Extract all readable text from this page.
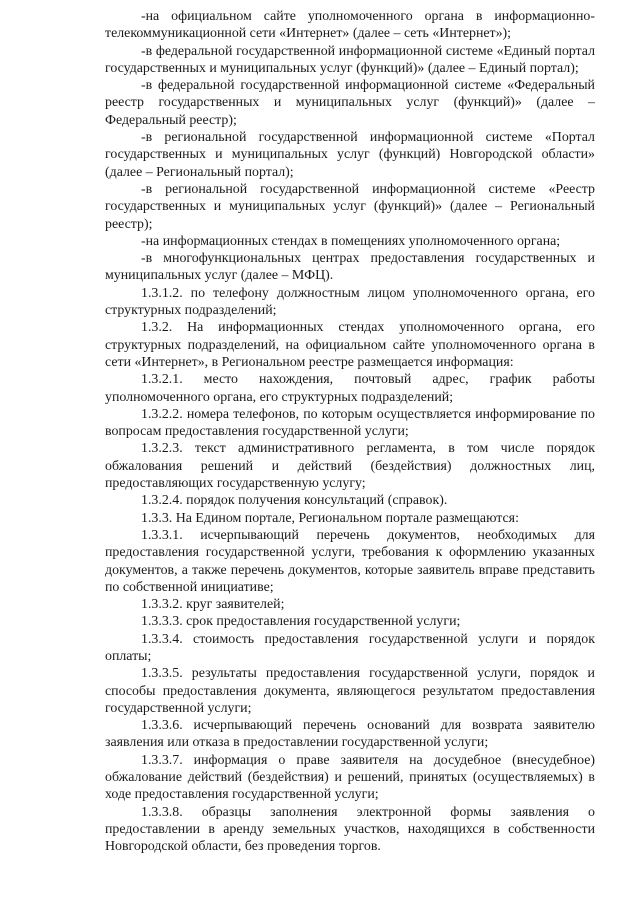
-на официальном сайте уполномоченного органа в информационно-телекоммуникационной сети «Интернет» (далее – сеть «Интернет»);

-в федеральной государственной информационной системе «Единый портал государственных и муниципальных услуг (функций)» (далее – Единый портал);

-в федеральной государственной информационной системе «Федеральный реестр государственных и муниципальных услуг (функций)» (далее – Федеральный реестр);

-в региональной государственной информационной системе «Портал государственных и муниципальных услуг (функций) Новгородской области» (далее – Региональный портал);

-в региональной государственной информационной системе «Реестр государственных и муниципальных услуг (функций)» (далее – Региональный реестр);

-на информационных стендах в помещениях уполномоченного органа;

-в многофункциональных центрах предоставления государственных и муниципальных услуг (далее – МФЦ).

1.3.1.2. по телефону должностным лицом уполномоченного органа, его структурных подразделений;

1.3.2. На информационных стендах уполномоченного органа, его структурных подразделений, на официальном сайте уполномоченного органа в сети «Интернет», в Региональном реестре размещается информация:

1.3.2.1. место нахождения, почтовый адрес, график работы уполномоченного органа, его структурных подразделений;

1.3.2.2. номера телефонов, по которым осуществляется информирование по вопросам предоставления государственной услуги;

1.3.2.3. текст административного регламента, в том числе порядок обжалования решений и действий (бездействия) должностных лиц, предоставляющих государственную услугу;

1.3.2.4. порядок получения консультаций (справок).

1.3.3. На Едином портале, Региональном портале размещаются:

1.3.3.1. исчерпывающий перечень документов, необходимых для предоставления государственной услуги, требования к оформлению указанных документов, а также перечень документов, которые заявитель вправе представить по собственной инициативе;

1.3.3.2. круг заявителей;

1.3.3.3. срок предоставления государственной услуги;

1.3.3.4. стоимость предоставления государственной услуги и порядок оплаты;

1.3.3.5. результаты предоставления государственной услуги, порядок и способы предоставления документа, являющегося результатом предоставления государственной услуги;

1.3.3.6. исчерпывающий перечень оснований для возврата заявителю заявления или отказа в предоставлении государственной услуги;

1.3.3.7. информация о праве заявителя на досудебное (внесудебное) обжалование действий (бездействия) и решений, принятых (осуществляемых) в ходе предоставления государственной услуги;

1.3.3.8. образцы заполнения электронной формы заявления о предоставлении в аренду земельных участков, находящихся в собственности Новгородской области, без проведения торгов.
